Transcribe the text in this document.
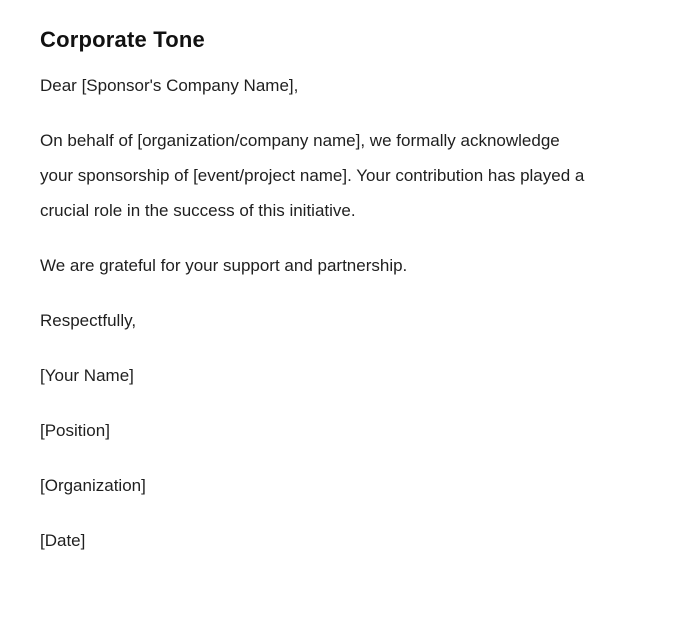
Corporate Tone

Dear [Sponsor's Company Name],

On behalf of [organization/company name], we formally acknowledge your sponsorship of [event/project name]. Your contribution has played a crucial role in the success of this initiative.

We are grateful for your support and partnership.

Respectfully,

[Your Name]

[Position]

[Organization]

[Date]
